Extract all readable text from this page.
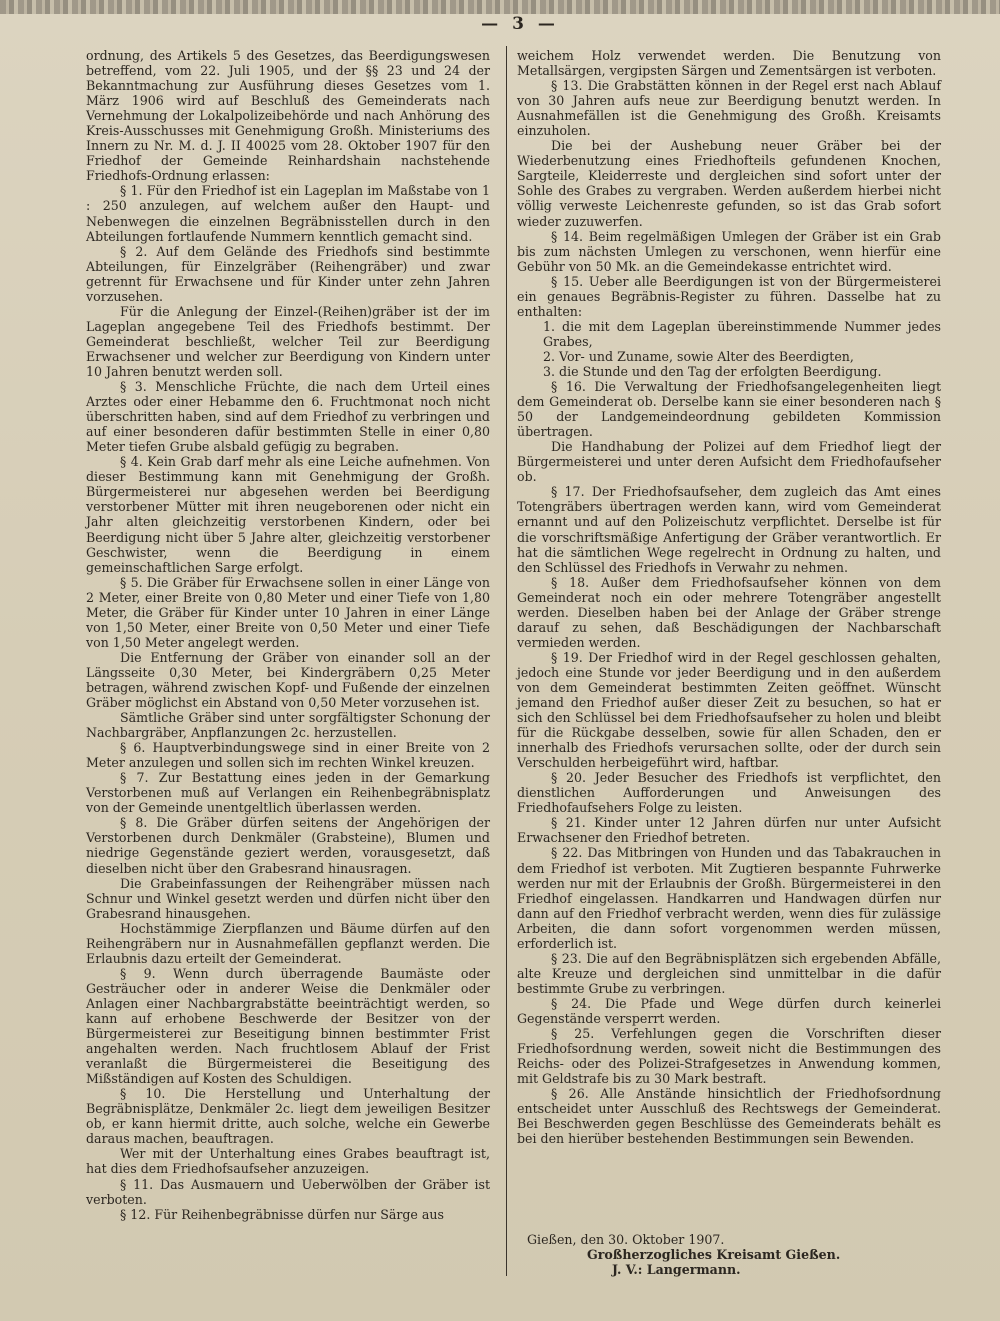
— 3 —

ordnung, des Artikels 5 des Gesetzes, das Beerdigungswesen betreffend, vom 22. Juli 1905, und der §§ 23 und 24 der Bekanntmachung zur Ausführung dieses Gesetzes vom 1. März 1906 wird auf Beschluß des Gemeinderats nach Vernehmung der Lokalpolizeibehörde und nach Anhörung des Kreis-Ausschusses mit Genehmigung Großh. Ministeriums des Innern zu Nr. M. d. J. II 40025 vom 28. Oktober 1907 für den Friedhof der Gemeinde Reinhardshain nachstehende Friedhofs-Ordnung erlassen:

§ 1. Für den Friedhof ist ein Lageplan im Maßstabe von 1 : 250 anzulegen, auf welchem außer den Haupt- und Nebenwegen die einzelnen Begräbnisstellen durch in den Abteilungen fortlaufende Nummern kenntlich gemacht sind.

§ 2. Auf dem Gelände des Friedhofs sind bestimmte Abteilungen, für Einzelgräber (Reihengräber) und zwar getrennt für Erwachsene und für Kinder unter zehn Jahren vorzusehen.

Für die Anlegung der Einzel-(Reihen)gräber ist der im Lageplan angegebene Teil des Friedhofs bestimmt. Der Gemeinderat beschließt, welcher Teil zur Beerdigung Erwachsener und welcher zur Beerdigung von Kindern unter 10 Jahren benutzt werden soll.

§ 3. Menschliche Früchte, die nach dem Urteil eines Arztes oder einer Hebamme den 6. Fruchtmonat noch nicht überschritten haben, sind auf dem Friedhof zu verbringen und auf einer besonderen dafür bestimmten Stelle in einer 0,80 Meter tiefen Grube alsbald gefügig zu begraben.

§ 4. Kein Grab darf mehr als eine Leiche aufnehmen. Von dieser Bestimmung kann mit Genehmigung der Großh. Bürgermeisterei nur abgesehen werden bei Beerdigung verstorbener Mütter mit ihren neugeborenen oder nicht ein Jahr alten gleichzeitig verstorbenen Kindern, oder bei Beerdigung nicht über 5 Jahre alter, gleichzeitig verstorbener Geschwister, wenn die Beerdigung in einem gemeinschaftlichen Sarge erfolgt.

§ 5. Die Gräber für Erwachsene sollen in einer Länge von 2 Meter, einer Breite von 0,80 Meter und einer Tiefe von 1,80 Meter, die Gräber für Kinder unter 10 Jahren in einer Länge von 1,50 Meter, einer Breite von 0,50 Meter und einer Tiefe von 1,50 Meter angelegt werden.

Die Entfernung der Gräber von einander soll an der Längsseite 0,30 Meter, bei Kindergräbern 0,25 Meter betragen, während zwischen Kopf- und Fußende der einzelnen Gräber möglichst ein Abstand von 0,50 Meter vorzusehen ist.

Sämtliche Gräber sind unter sorgfältigster Schonung der Nachbargräber, Anpflanzungen 2c. herzustellen.

§ 6. Hauptverbindungswege sind in einer Breite von 2 Meter anzulegen und sollen sich im rechten Winkel kreuzen.

§ 7. Zur Bestattung eines jeden in der Gemarkung Verstorbenen muß auf Verlangen ein Reihenbegräbnisplatz von der Gemeinde unentgeltlich überlassen werden.

§ 8. Die Gräber dürfen seitens der Angehörigen der Verstorbenen durch Denkmäler (Grabsteine), Blumen und niedrige Gegenstände geziert werden, vorausgesetzt, daß dieselben nicht über den Grabesrand hinausragen.

Die Grabeinfassungen der Reihengräber müssen nach Schnur und Winkel gesetzt werden und dürfen nicht über den Grabesrand hinausgehen.

Hochstämmige Zierpflanzen und Bäume dürfen auf den Reihengräbern nur in Ausnahmefällen gepflanzt werden. Die Erlaubnis dazu erteilt der Gemeinderat.

§ 9. Wenn durch überragende Baumäste oder Gesträucher oder in anderer Weise die Denkmäler oder Anlagen einer Nachbargrabstätte beeinträchtigt werden, so kann auf erhobene Beschwerde der Besitzer von der Bürgermeisterei zur Beseitigung binnen bestimmter Frist angehalten werden. Nach fruchtlosem Ablauf der Frist veranlaßt die Bürgermeisterei die Beseitigung des Mißständigen auf Kosten des Schuldigen.

§ 10. Die Herstellung und Unterhaltung der Begräbnisplätze, Denkmäler 2c. liegt dem jeweiligen Besitzer ob, er kann hiermit dritte, auch solche, welche ein Gewerbe daraus machen, beauftragen.

Wer mit der Unterhaltung eines Grabes beauftragt ist, hat dies dem Friedhofsaufseher anzuzeigen.

§ 11. Das Ausmauern und Ueberwölben der Gräber ist verboten.

§ 12. Für Reihenbegräbnisse dürfen nur Särge aus

weichem Holz verwendet werden. Die Benutzung von Metallsärgen, vergipsten Särgen und Zementsärgen ist verboten.

§ 13. Die Grabstätten können in der Regel erst nach Ablauf von 30 Jahren aufs neue zur Beerdigung benutzt werden. In Ausnahmefällen ist die Genehmigung des Großh. Kreisamts einzuholen.

Die bei der Aushebung neuer Gräber bei der Wiederbenutzung eines Friedhofteils gefundenen Knochen, Sargteile, Kleiderreste und dergleichen sind sofort unter der Sohle des Grabes zu vergraben. Werden außerdem hierbei nicht völlig verweste Leichenreste gefunden, so ist das Grab sofort wieder zuzuwerfen.

§ 14. Beim regelmäßigen Umlegen der Gräber ist ein Grab bis zum nächsten Umlegen zu verschonen, wenn hierfür eine Gebühr von 50 Mk. an die Gemeindekasse entrichtet wird.

§ 15. Ueber alle Beerdigungen ist von der Bürgermeisterei ein genaues Begräbnis-Register zu führen. Dasselbe hat zu enthalten:

1. die mit dem Lageplan übereinstimmende Nummer jedes Grabes,

2. Vor- und Zuname, sowie Alter des Beerdigten,

3. die Stunde und den Tag der erfolgten Beerdigung.

§ 16. Die Verwaltung der Friedhofsangelegenheiten liegt dem Gemeinderat ob. Derselbe kann sie einer besonderen nach § 50 der Landgemeindeordnung gebildeten Kommission übertragen.

Die Handhabung der Polizei auf dem Friedhof liegt der Bürgermeisterei und unter deren Aufsicht dem Friedhofaufseher ob.

§ 17. Der Friedhofsaufseher, dem zugleich das Amt eines Totengräbers übertragen werden kann, wird vom Gemeinderat ernannt und auf den Polizeischutz verpflichtet. Derselbe ist für die vorschriftsmäßige Anfertigung der Gräber verantwortlich. Er hat die sämtlichen Wege regelrecht in Ordnung zu halten, und den Schlüssel des Friedhofs in Verwahr zu nehmen.

§ 18. Außer dem Friedhofsaufseher können von dem Gemeinderat noch ein oder mehrere Totengräber angestellt werden. Dieselben haben bei der Anlage der Gräber strenge darauf zu sehen, daß Beschädigungen der Nachbarschaft vermieden werden.

§ 19. Der Friedhof wird in der Regel geschlossen gehalten, jedoch eine Stunde vor jeder Beerdigung und in den außerdem von dem Gemeinderat bestimmten Zeiten geöffnet. Wünscht jemand den Friedhof außer dieser Zeit zu besuchen, so hat er sich den Schlüssel bei dem Friedhofsaufseher zu holen und bleibt für die Rückgabe desselben, sowie für allen Schaden, den er innerhalb des Friedhofs verursachen sollte, oder der durch sein Verschulden herbeigeführt wird, haftbar.

§ 20. Jeder Besucher des Friedhofs ist verpflichtet, den dienstlichen Aufforderungen und Anweisungen des Friedhofaufsehers Folge zu leisten.

§ 21. Kinder unter 12 Jahren dürfen nur unter Aufsicht Erwachsener den Friedhof betreten.

§ 22. Das Mitbringen von Hunden und das Tabakrauchen in dem Friedhof ist verboten. Mit Zugtieren bespannte Fuhrwerke werden nur mit der Erlaubnis der Großh. Bürgermeisterei in den Friedhof eingelassen. Handkarren und Handwagen dürfen nur dann auf den Friedhof verbracht werden, wenn dies für zulässige Arbeiten, die dann sofort vorgenommen werden müssen, erforderlich ist.

§ 23. Die auf den Begräbnisplätzen sich ergebenden Abfälle, alte Kreuze und dergleichen sind unmittelbar in die dafür bestimmte Grube zu verbringen.

§ 24. Die Pfade und Wege dürfen durch keinerlei Gegenstände versperrt werden.

§ 25. Verfehlungen gegen die Vorschriften dieser Friedhofsordnung werden, soweit nicht die Bestimmungen des Reichs- oder des Polizei-Strafgesetzes in Anwendung kommen, mit Geldstrafe bis zu 30 Mark bestraft.

§ 26. Alle Anstände hinsichtlich der Friedhofsordnung entscheidet unter Ausschluß des Rechtswegs der Gemeinderat. Bei Beschwerden gegen Beschlüsse des Gemeinderats behält es bei den hierüber bestehenden Bestimmungen sein Bewenden.

Gießen, den 30. Oktober 1907.

Großherzogliches Kreisamt Gießen.

J. V.: Langermann.
